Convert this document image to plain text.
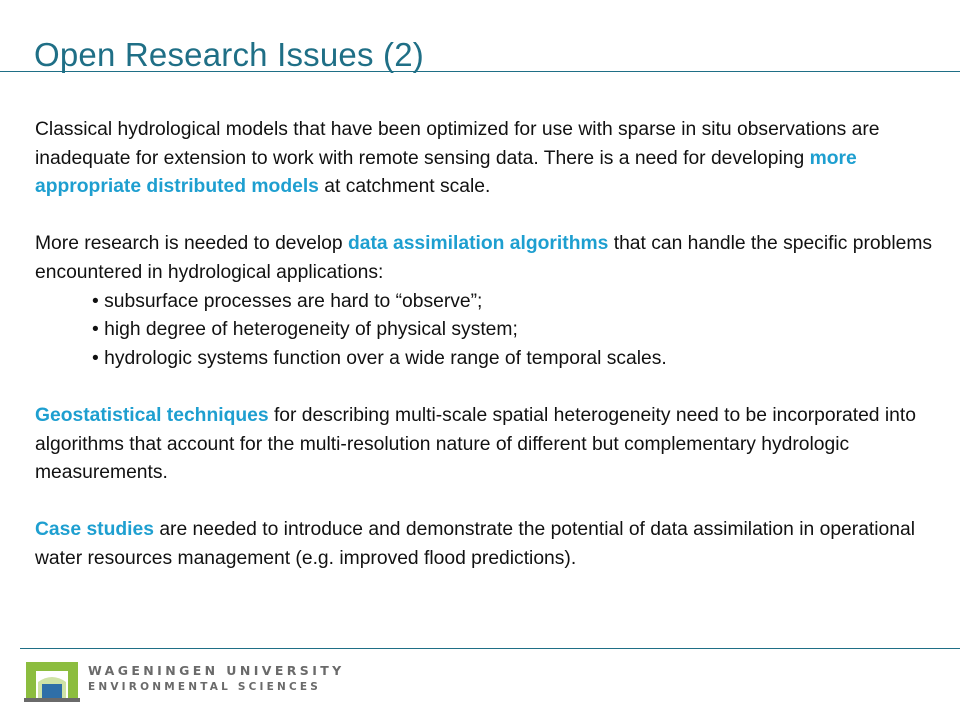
Open Research Issues (2)

Classical hydrological models that have been optimized for use with sparse in situ observations are inadequate for extension to work with remote sensing data. There is a need for developing more appropriate distributed models at catchment scale.

More research is needed to develop data assimilation algorithms that can handle the specific problems encountered in hydrological applications:

• subsurface processes are hard to “observe”;
• high degree of heterogeneity of physical system;
• hydrologic systems function over a wide range of temporal scales.

Geostatistical techniques for describing multi-scale spatial heterogeneity need to be incorporated into algorithms that account for the multi-resolution nature of different but complementary hydrologic measurements.

Case studies are needed to introduce and demonstrate the potential of data assimilation in operational water resources management (e.g. improved flood predictions).

WAGENINGEN UNIVERSITY
ENVIRONMENTAL SCIENCES
